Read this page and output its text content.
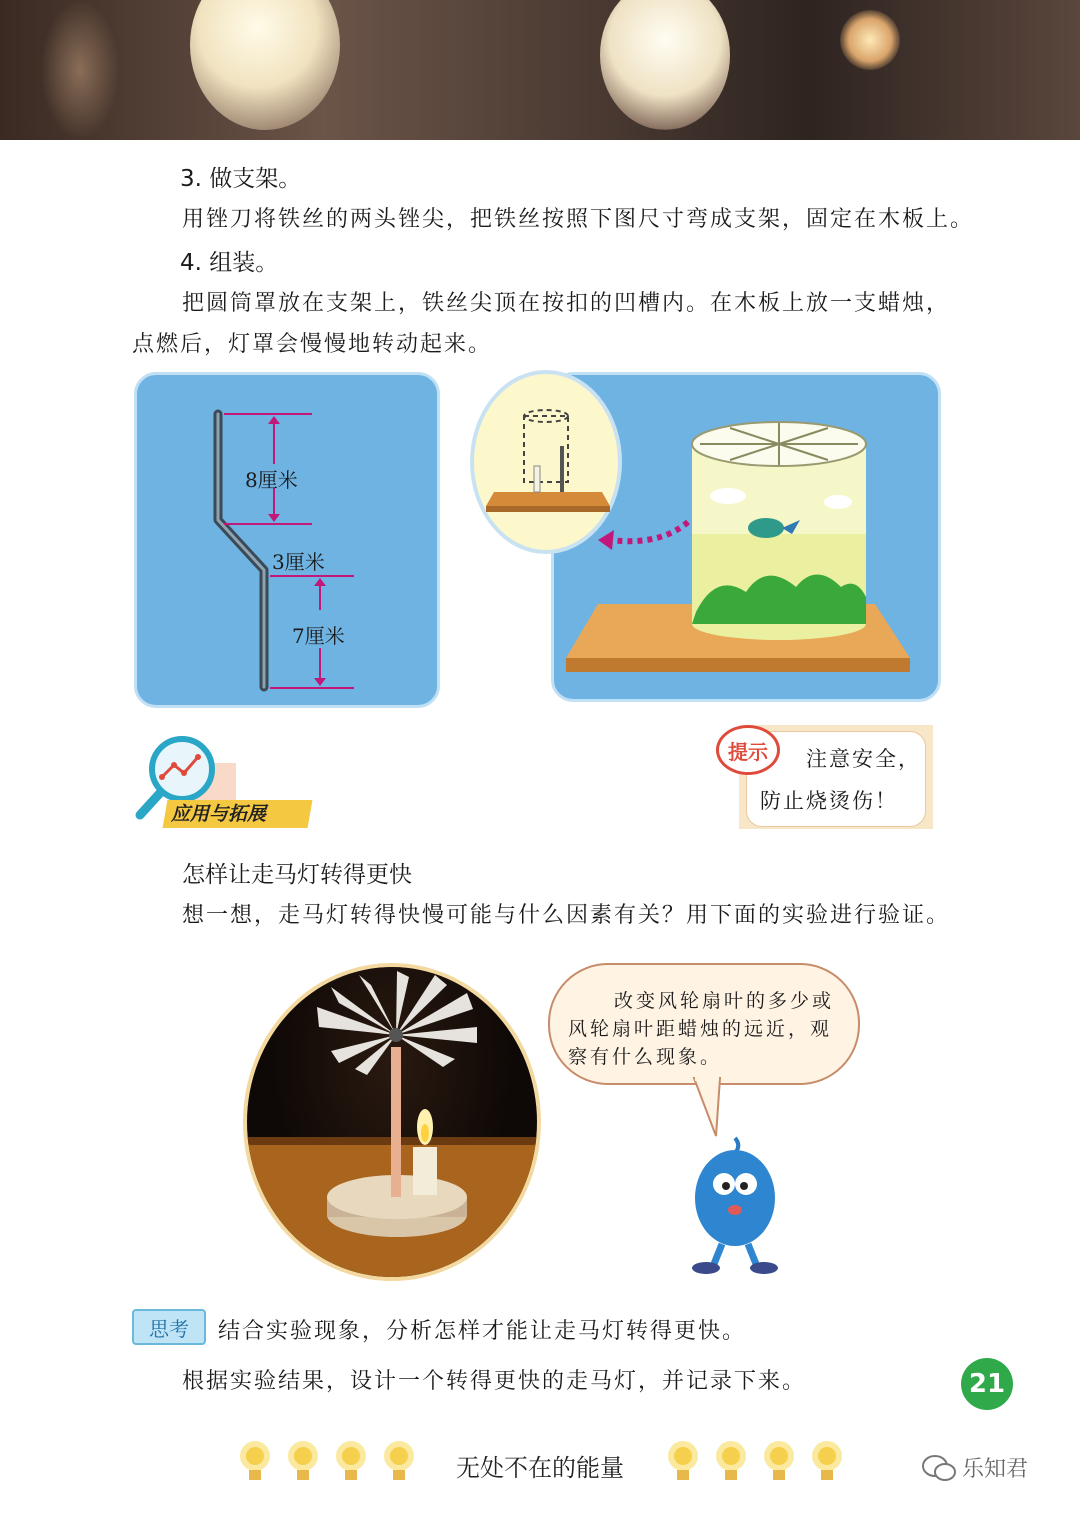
3. 做支架。
用锉刀将铁丝的两头锉尖，把铁丝按照下图尺寸弯成支架，固定在木板上。
4. 组装。
把圆筒罩放在支架上，铁丝尖顶在按扣的凹槽内。在木板上放一支蜡烛，
点燃后，灯罩会慢慢地转动起来。
8厘米
3厘米
7厘米
提示	注意安全，
防止烧烫伤！
应用与拓展
怎样让走马灯转得更快
想一想，走马灯转得快慢可能与什么因素有关？用下面的实验进行验证。
改变风轮扇叶的多少或
风轮扇叶距蜡烛的远近，观
察有什么现象。
思考	结合实验现象，分析怎样才能让走马灯转得更快。
根据实验结果，设计一个转得更快的走马灯，并记录下来。	21
无处不在的能量	乐知君
